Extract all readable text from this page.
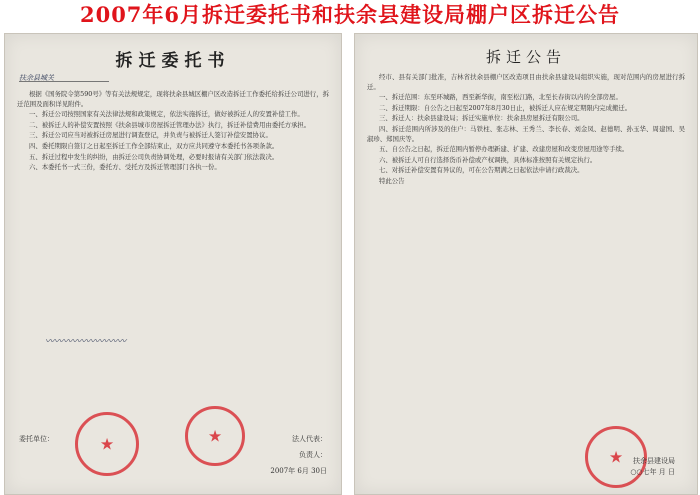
2007年6月拆迁委托书和扶余县建设局棚户区拆迁公告
拆迁委托书
扶余县城关

根据《国务院令第590号》等有关法规规定，现将扶余县城区棚户区改造拆迁工作委托给拆迁公司进行，拆迁范围及面积详见附件。

一、拆迁公司按照国家有关法律法规和政策规定，依法实施拆迁，做好被拆迁人的安置补偿工作。

二、被拆迁人的补偿安置按照《扶余县城市房屋拆迁管理办法》执行，拆迁补偿费用由委托方承担。

三、拆迁公司应当对被拆迁房屋进行调查登记，并负责与被拆迁人签订补偿安置协议。

四、委托期限自签订之日起至拆迁工作全部结束止，双方应共同遵守本委托书各项条款。

五、拆迁过程中发生的纠纷，由拆迁公司负责协调处理，必要时报请有关部门依法裁决。

六、本委托书一式三份，委托方、受托方及拆迁管理部门各执一份。

〰〰〰〰〰〰〰〰〰
委托单位：	法人代表：
负责人：
2007年 6月 30日
★	★
拆迁公告

经市、县有关部门批准，吉林省扶余县棚户区改造项目由扶余县建设局组织实施，现对范围内的房屋进行拆迁。

一、拆迁范围：东至环城路，西至新华街，南至松江路，北至长春街以内的全部房屋。

二、拆迁期限：自公告之日起至2007年8月30日止，被拆迁人应在规定期限内完成搬迁。

三、拆迁人：扶余县建设局；拆迁实施单位：扶余县房屋拆迁有限公司。

四、拆迁范围内所涉及的住户：马铁柱、张志林、王秀兰、李长春、刘金凤、赵德明、孙玉华、周建国、吴淑珍、郑国庆等。

五、自公告之日起，拆迁范围内暂停办理新建、扩建、改建房屋和改变房屋用途等手续。

六、被拆迁人可自行选择货币补偿或产权调换，具体标准按照有关规定执行。

七、对拆迁补偿安置有异议的，可在公告期满之日起依法申请行政裁决。

特此公告

★	扶余县建设局
○○七年 月 日
